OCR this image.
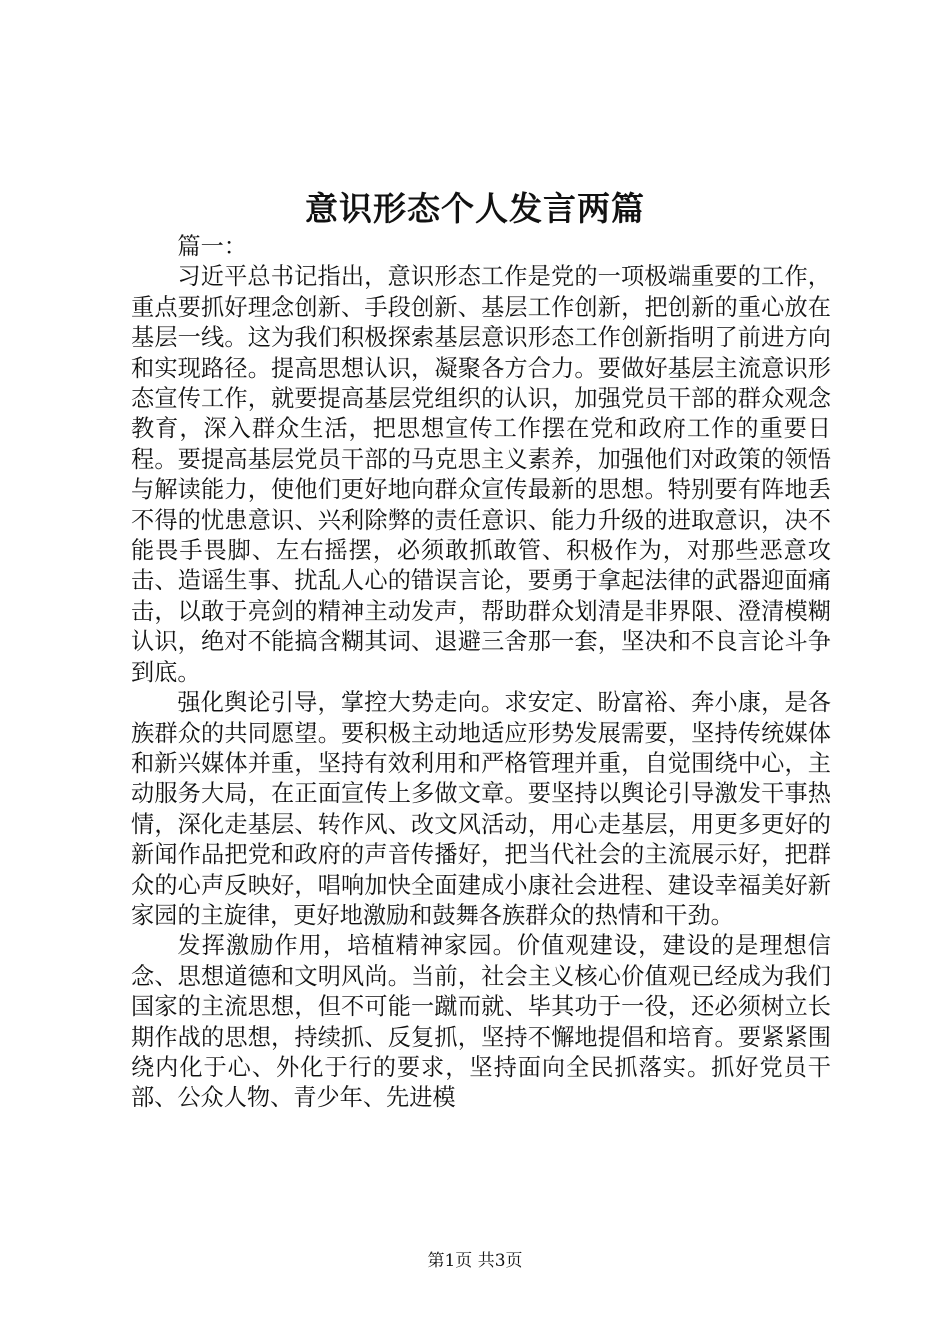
意识形态个人发言两篇

篇一：

习近平总书记指出，意识形态工作是党的一项极端重要的工作，重点要抓好理念创新、手段创新、基层工作创新，把创新的重心放在基层一线。这为我们积极探索基层意识形态工作创新指明了前进方向和实现路径。提高思想认识，凝聚各方合力。要做好基层主流意识形态宣传工作，就要提高基层党组织的认识，加强党员干部的群众观念教育，深入群众生活，把思想宣传工作摆在党和政府工作的重要日程。要提高基层党员干部的马克思主义素养，加强他们对政策的领悟与解读能力，使他们更好地向群众宣传最新的思想。特别要有阵地丢不得的忧患意识、兴利除弊的责任意识、能力升级的进取意识，决不能畏手畏脚、左右摇摆，必须敢抓敢管、积极作为，对那些恶意攻击、造谣生事、扰乱人心的错误言论，要勇于拿起法律的武器迎面痛击，以敢于亮剑的精神主动发声，帮助群众划清是非界限、澄清模糊认识，绝对不能搞含糊其词、退避三舍那一套，坚决和不良言论斗争到底。

强化舆论引导，掌控大势走向。求安定、盼富裕、奔小康，是各族群众的共同愿望。要积极主动地适应形势发展需要，坚持传统媒体和新兴媒体并重，坚持有效利用和严格管理并重，自觉围绕中心，主动服务大局，在正面宣传上多做文章。要坚持以舆论引导激发干事热情，深化走基层、转作风、改文风活动，用心走基层，用更多更好的新闻作品把党和政府的声音传播好，把当代社会的主流展示好，把群众的心声反映好，唱响加快全面建成小康社会进程、建设幸福美好新家园的主旋律，更好地激励和鼓舞各族群众的热情和干劲。

发挥激励作用，培植精神家园。价值观建设，建设的是理想信念、思想道德和文明风尚。当前，社会主义核心价值观已经成为我们国家的主流思想，但不可能一蹴而就、毕其功于一役，还必须树立长期作战的思想，持续抓、反复抓，坚持不懈地提倡和培育。要紧紧围绕内化于心、外化于行的要求，坚持面向全民抓落实。抓好党员干部、公众人物、青少年、先进模

第1页 共3页
